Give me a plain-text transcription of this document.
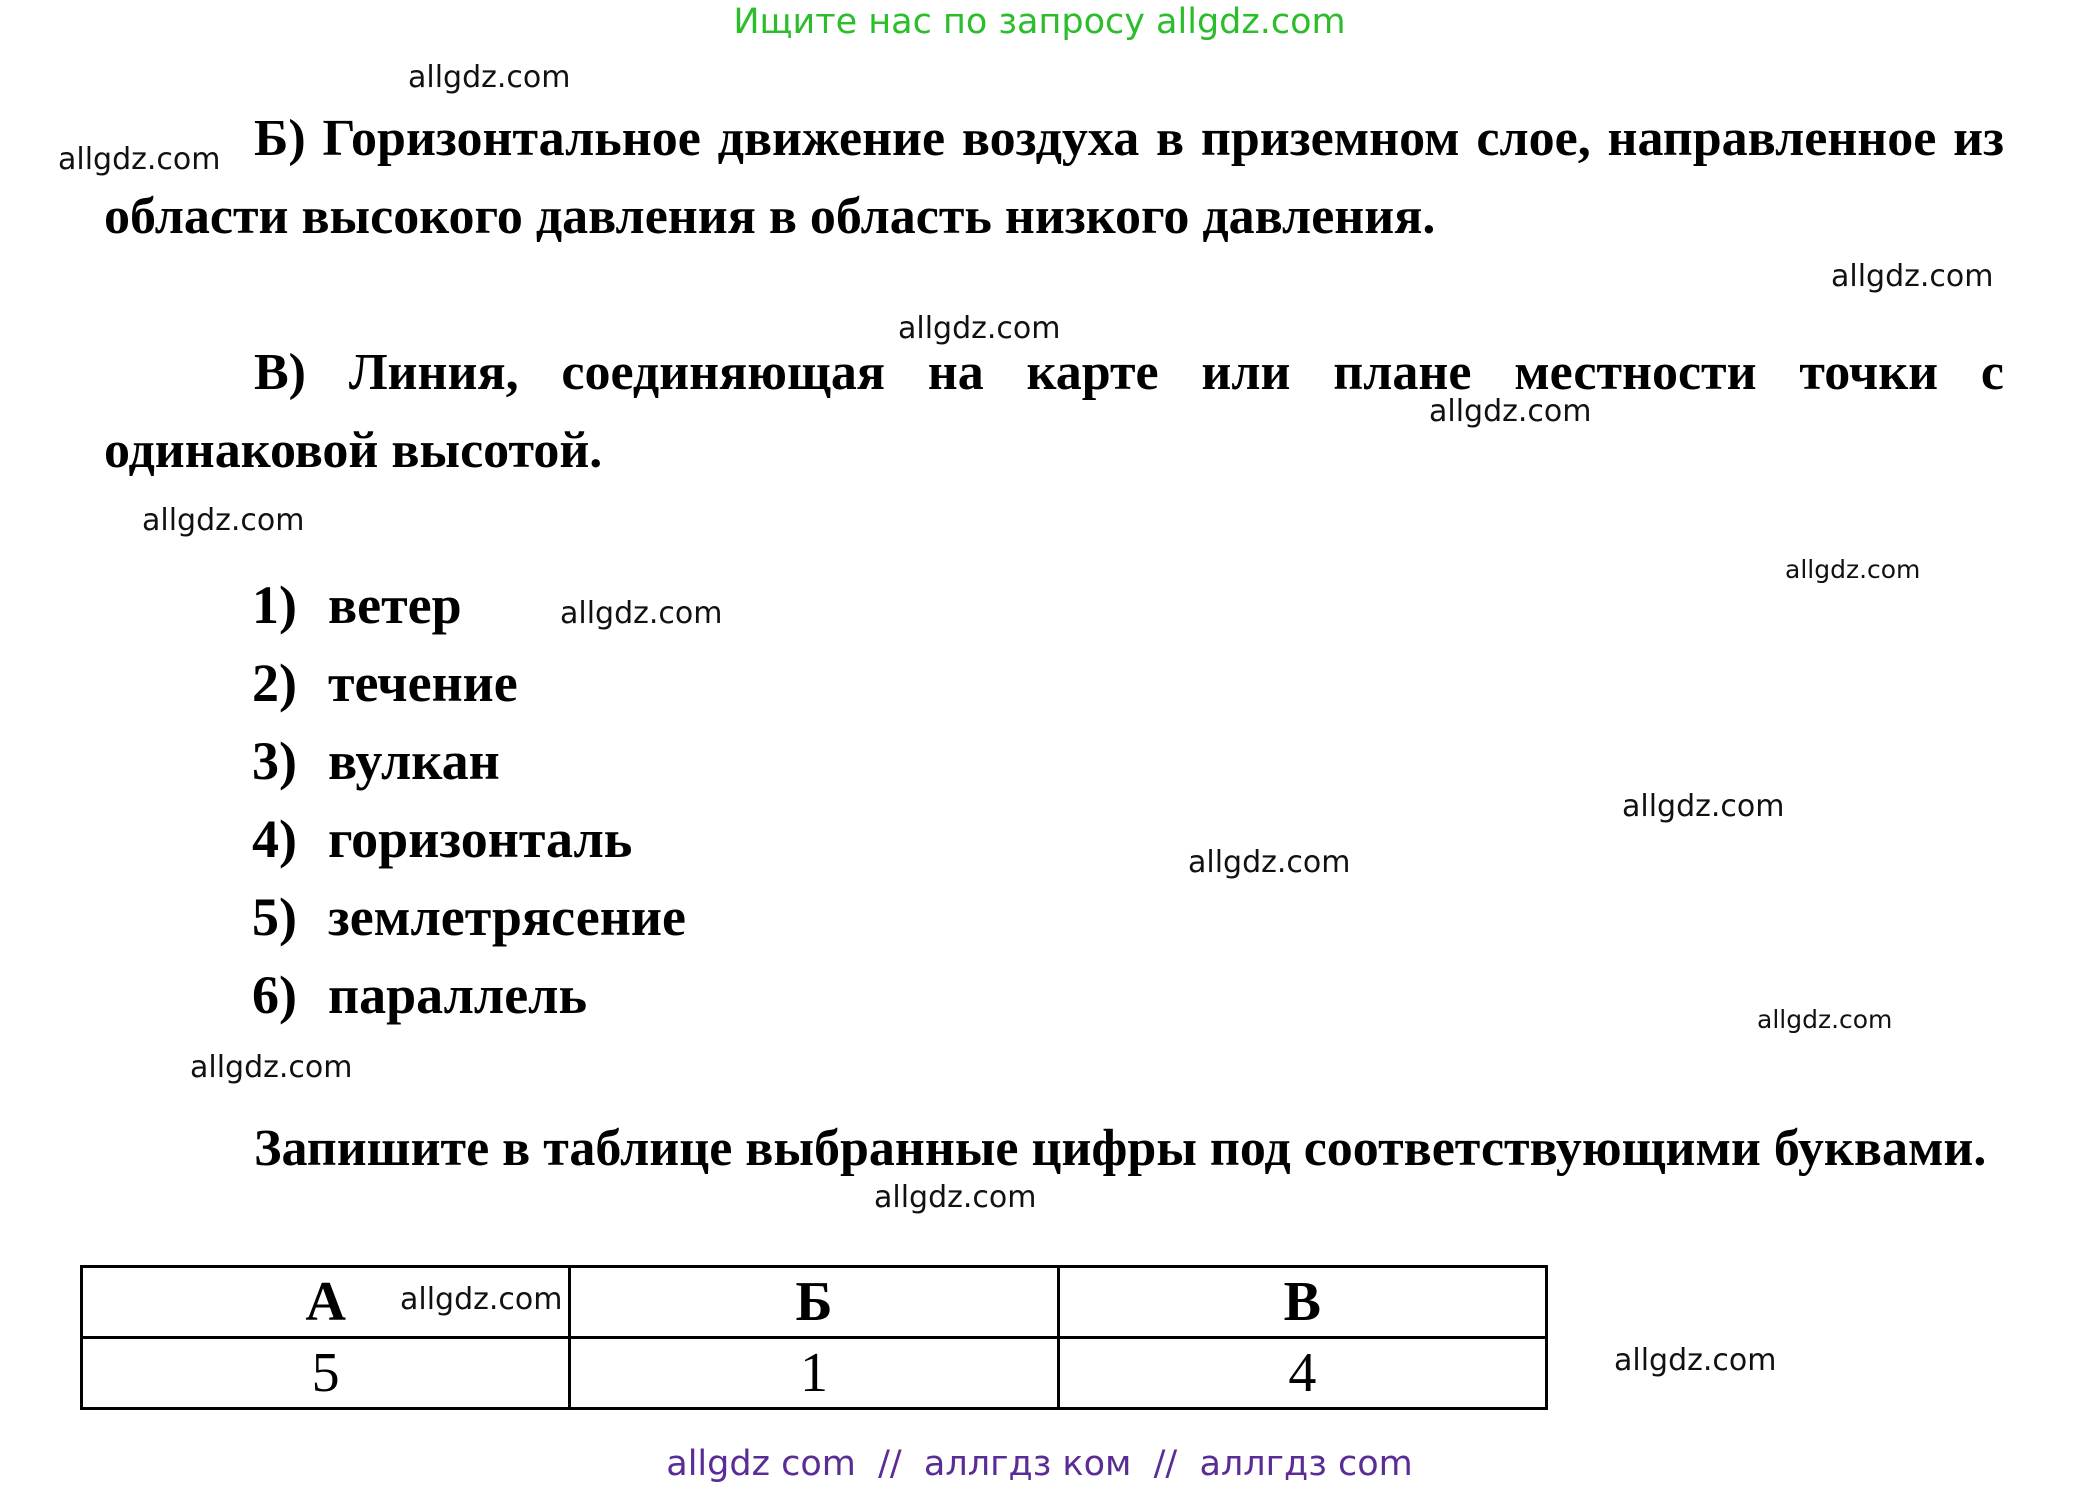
Ищите нас по запросу allgdz.com
allgdz.com
allgdz.com
allgdz.com
allgdz.com
allgdz.com
allgdz.com
allgdz.com
allgdz.com
allgdz.com
allgdz.com
allgdz.com
allgdz.com
allgdz.com
allgdz.com
Б) Горизонтальное движение воздуха в приземном слое, направленное из области высокого давления в область низкого давления.
В) Линия, соединяющая на карте или плане местности точки с одинаковой высотой.
1) ветер
2) течение
3) вулкан
4) горизонталь
5) землетрясение
6) параллель
Запишите в таблице выбранные цифры под соответствующими буквами.
А	Б	В
5	1	4
allgdz.com
allgdz com  //  аллгдз ком  //  аллгдз com
